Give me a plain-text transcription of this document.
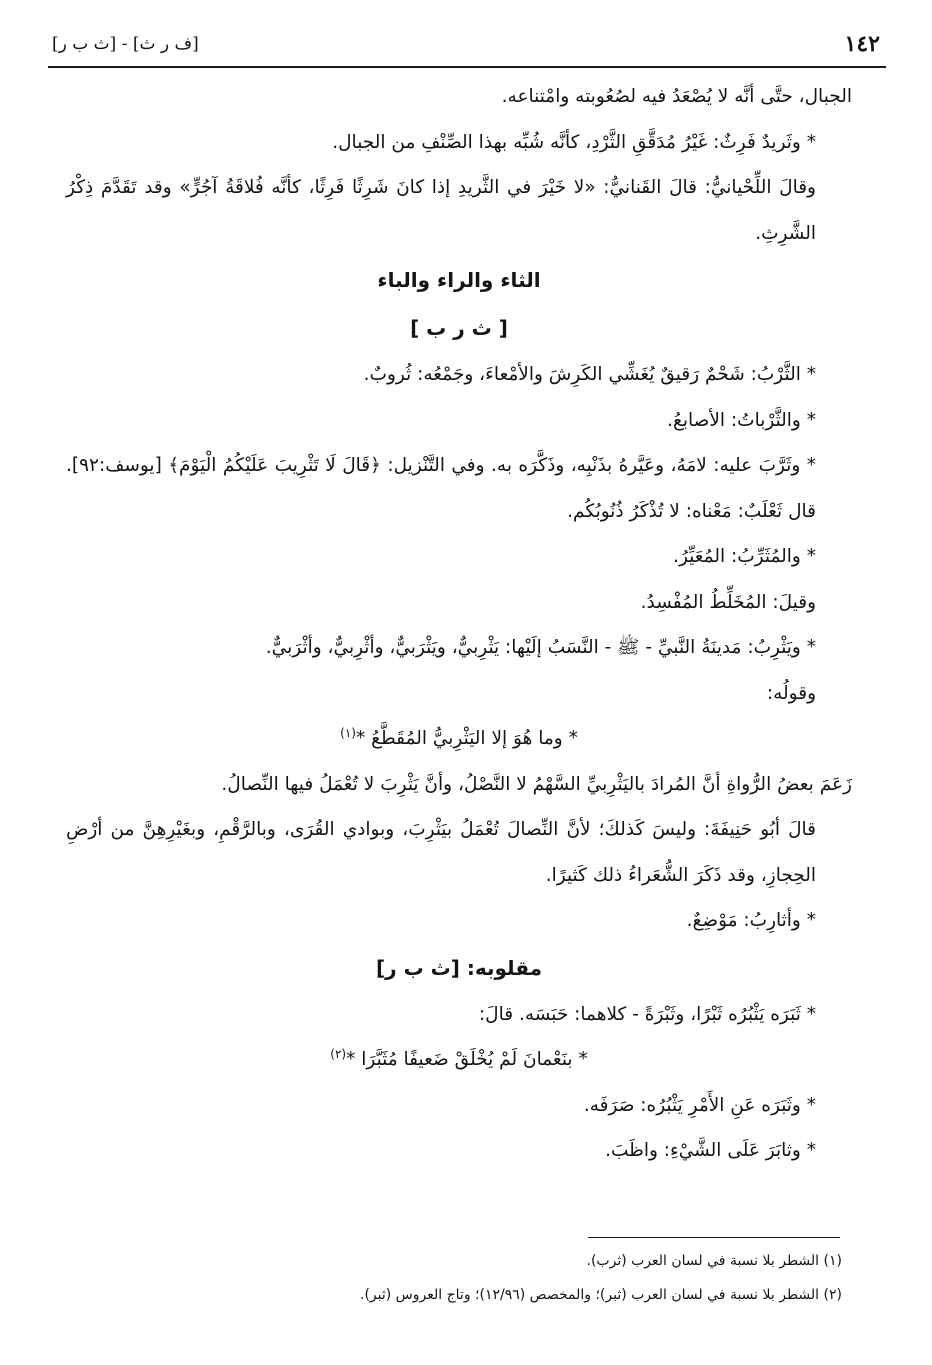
١٤٢
[ف ر ث] - [ث ب ر]

الجبال، حتَّى أنَّه لا يُصْعَدُ فيه لصُعُوبته وامْتناعه.

* وثَريدٌ فَرِثٌ: غَيْرُ مُدَقَّقِ الثَّرْدِ، كأنَّه شُبِّه بهذا الصِّنْفِ من الجبال.

وقالَ اللِّحْيانيُّ: قالَ القَنانيُّ: «لا خَيْرَ في الثَّريدِ إذا كانَ شَرِثًا فَرِثًا، كأنَّه فُلاقَةُ آجُرٍّ» وقد تَقَدَّمَ ذِكْرُ الشَّرِثِ.

الثاء والراء والباء

[ ث ر ب ]

* الثَّرْبُ: شَحْمٌ رَقيقٌ يُغَشِّي الكَرِشَ والأمْعاءَ، وجَمْعُه: ثُروبٌ.

* والثَّرْباتُ: الأصابعُ.

* وثَرَّبَ عليه: لامَهُ، وعَيَّرهُ بذَنْبِه، وذَكَّرَه به. وفي التَّنْزيل: ﴿قَالَ لَا تَثْرِيبَ عَلَيْكُمُ الْيَوْمَ﴾ [يوسف:٩٢]. قال ثَعْلَبٌ: مَعْناه: لا تُذْكَرُ ذُنُوبُكُم.

* والمُثَرِّبُ: المُعَيِّرُ.

وقيلَ: المُخَلِّطُ المُفْسِدُ.

* ويَثْرِبُ: مَدينَةُ النَّبيِّ - ﷺ - النَّسَبُ إلَيْها: يَثْرِبيٌّ، ويَثْرَبيٌّ، وأثْرِبيٌّ، وأثْرَبيٌّ.

وقولُه:

* وما هُوَ إلا اليَثْرِبيُّ المُقَطَّعُ *$^{(١)}$

زَعَمَ بعضُ الرُّواةِ أنَّ المُرادَ باليَثْرِبيِّ السَّهْمُ لا النَّصْلُ، وأنَّ يَثْرِبَ لا تُعْمَلُ فيها النِّصالُ.

قالَ أبُو حَنِيفَةَ: وليسَ كَذلكَ؛ لأنَّ النِّصالَ تُعْمَلُ بيَثْرِبَ، وبوادي القُرَى، وبالرَّقْمِ، وبغَيْرِهِنَّ من أرْضِ الحِجازِ، وقد ذَكَرَ الشُّعَراءُ ذلك كَثيرًا.

* وأثارِبُ: مَوْضِعٌ.

مقلوبه: [ث ب ر]

* ثَبَرَه يَثْبُرُه ثَبْرًا، وثَبْرَةً - كلاهما: حَبَسَه. قالَ:

* بنَعْمانَ لَمْ يُخْلَقْ ضَعيفًا مُثَبَّرَا *$^{(٢)}$

* وثَبَرَه عَنِ الأَمْرِ يَثْبُرُه: صَرَفَه.

* وثابَرَ عَلَى الشَّيْءِ: واظَبَ.

(١) الشطر بلا نسبة في لسان العرب (ثرب).

(٢) الشطر بلا نسبة في لسان العرب (ثبر)؛ والمخصص (١٢/٩٦)؛ وتاج العروس (ثبر).
